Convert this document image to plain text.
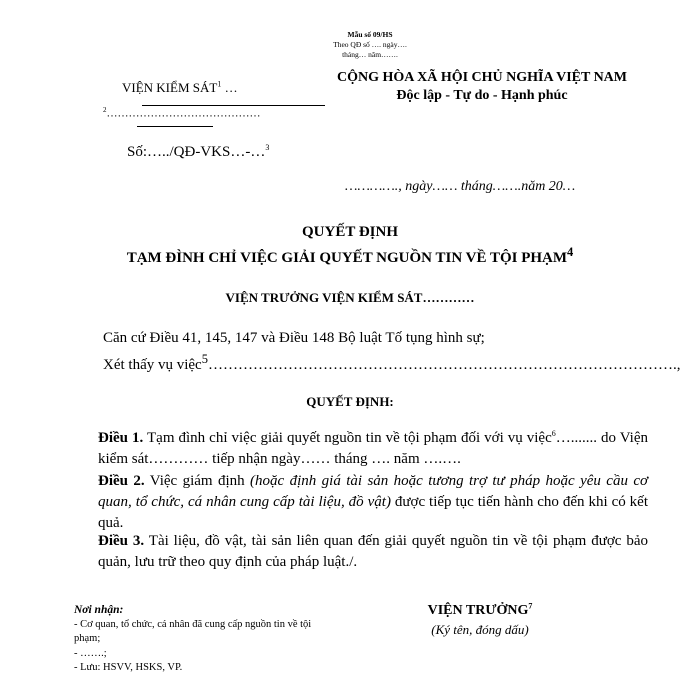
Mẫu số 09/HS
Theo QĐ số …. ngày….
tháng… năm…….
VIỆN KIỂM SÁT$^1$ …
$^2$……………………………………
Số:…../QĐ-VKS…-…$^3$
CỘNG HÒA XÃ HỘI CHỦ NGHĨA VIỆT NAM
Độc lập - Tự do - Hạnh phúc
…………., ngày…… tháng…….năm 20…
QUYẾT ĐỊNH
TẠM ĐÌNH CHỈ VIỆC GIẢI QUYẾT NGUỒN TIN VỀ TỘI PHẠM$^4$
VIỆN TRƯỞNG VIỆN KIỂM SÁT…………
Căn cứ Điều 41, 145, 147 và Điều 148 Bộ luật Tố tụng hình sự;
Xét thấy vụ việc$^5$………………………………………………………………………………….,
QUYẾT ĐỊNH:
Điều 1. Tạm đình chỉ việc giải quyết nguồn tin về tội phạm đối với vụ việc$^6$…....... do Viện kiểm sát………… tiếp nhận ngày…… tháng …. năm ….….
Điều 2. Việc giám định (hoặc định giá tài sản hoặc tương trợ tư pháp hoặc yêu cầu cơ quan, tổ chức, cá nhân cung cấp tài liệu, đồ vật) được tiếp tục tiến hành cho đến khi có kết quả.
Điều 3. Tài liệu, đồ vật, tài sản liên quan đến giải quyết nguồn tin về tội phạm được bảo quản, lưu trữ theo quy định của pháp luật./.
Nơi nhận:
- Cơ quan, tổ chức, cá nhân đã cung cấp nguồn tin về tội phạm;
- …….;
- Lưu: HSVV, HSKS, VP.
VIỆN TRƯỞNG$^7$
(Ký tên, đóng dấu)
